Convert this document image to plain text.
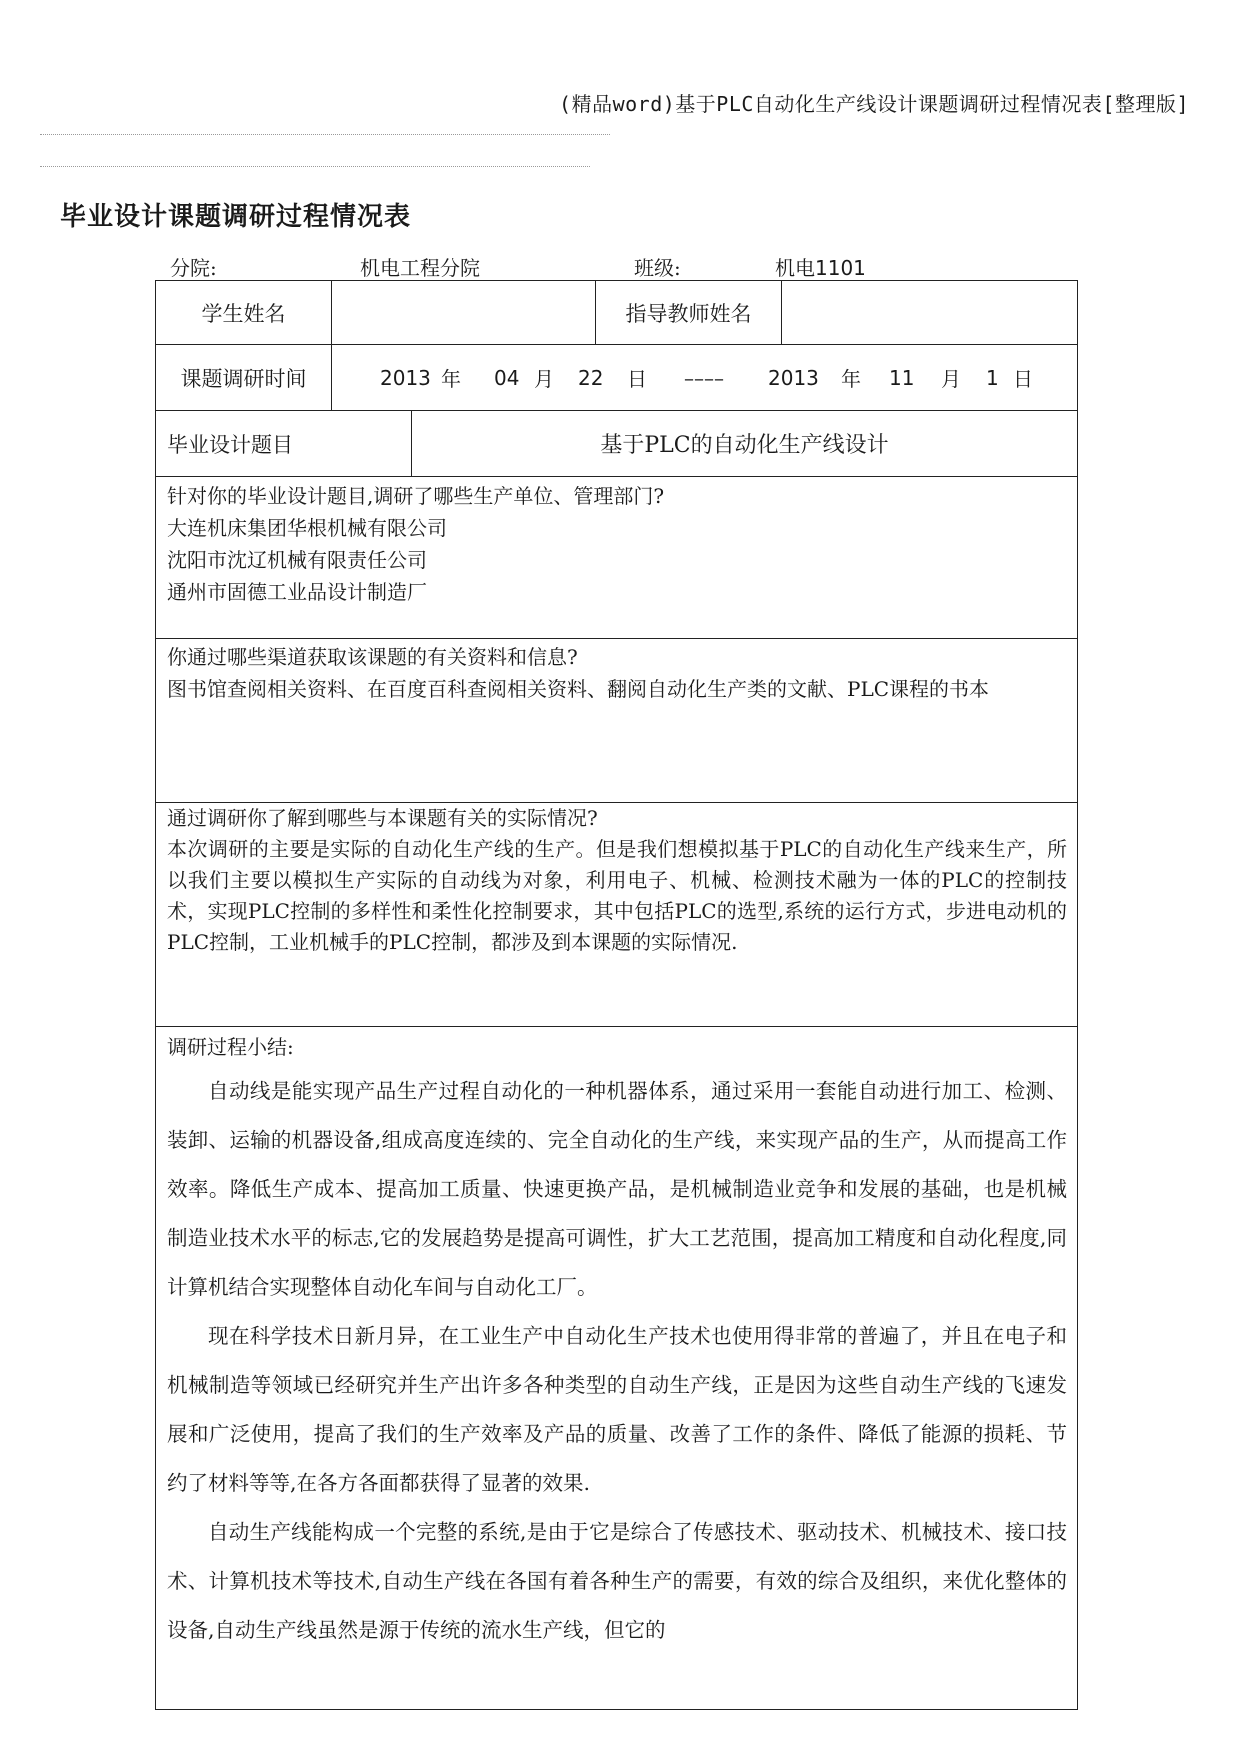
(精品word)基于PLC自动化生产线设计课题调研过程情况表[整理版]
毕业设计课题调研过程情况表
分院:	机电工程分院	班级:	机电1101
学生姓名	指导教师姓名
课题调研时间	2013 年 04 月 22 日 –––– 2013 年 11 月 1 日
毕业设计题目	基于PLC的自动化生产线设计
针对你的毕业设计题目,调研了哪些生产单位、管理部门?
大连机床集团华根机械有限公司
沈阳市沈辽机械有限责任公司
通州市固德工业品设计制造厂
你通过哪些渠道获取该课题的有关资料和信息?
图书馆查阅相关资料、在百度百科查阅相关资料、翻阅自动化生产类的文献、PLC课程的书本
通过调研你了解到哪些与本课题有关的实际情况?
本次调研的主要是实际的自动化生产线的生产。但是我们想模拟基于PLC的自动化生产线来生产，所以我们主要以模拟生产实际的自动线为对象，利用电子、机械、检测技术融为一体的PLC的控制技术，实现PLC控制的多样性和柔性化控制要求，其中包括PLC的选型,系统的运行方式，步进电动机的PLC控制，工业机械手的PLC控制，都涉及到本课题的实际情况.
调研过程小结:

自动线是能实现产品生产过程自动化的一种机器体系，通过采用一套能自动进行加工、检测、装卸、运输的机器设备,组成高度连续的、完全自动化的生产线，来实现产品的生产，从而提高工作效率。降低生产成本、提高加工质量、快速更换产品，是机械制造业竞争和发展的基础，也是机械制造业技术水平的标志,它的发展趋势是提高可调性，扩大工艺范围，提高加工精度和自动化程度,同计算机结合实现整体自动化车间与自动化工厂。

现在科学技术日新月异，在工业生产中自动化生产技术也使用得非常的普遍了，并且在电子和机械制造等领域已经研究并生产出许多各种类型的自动生产线，正是因为这些自动生产线的飞速发展和广泛使用，提高了我们的生产效率及产品的质量、改善了工作的条件、降低了能源的损耗、节约了材料等等,在各方各面都获得了显著的效果.

自动生产线能构成一个完整的系统,是由于它是综合了传感技术、驱动技术、机械技术、接口技术、计算机技术等技术,自动生产线在各国有着各种生产的需要，有效的综合及组织，来优化整体的设备,自动生产线虽然是源于传统的流水生产线，但它的
